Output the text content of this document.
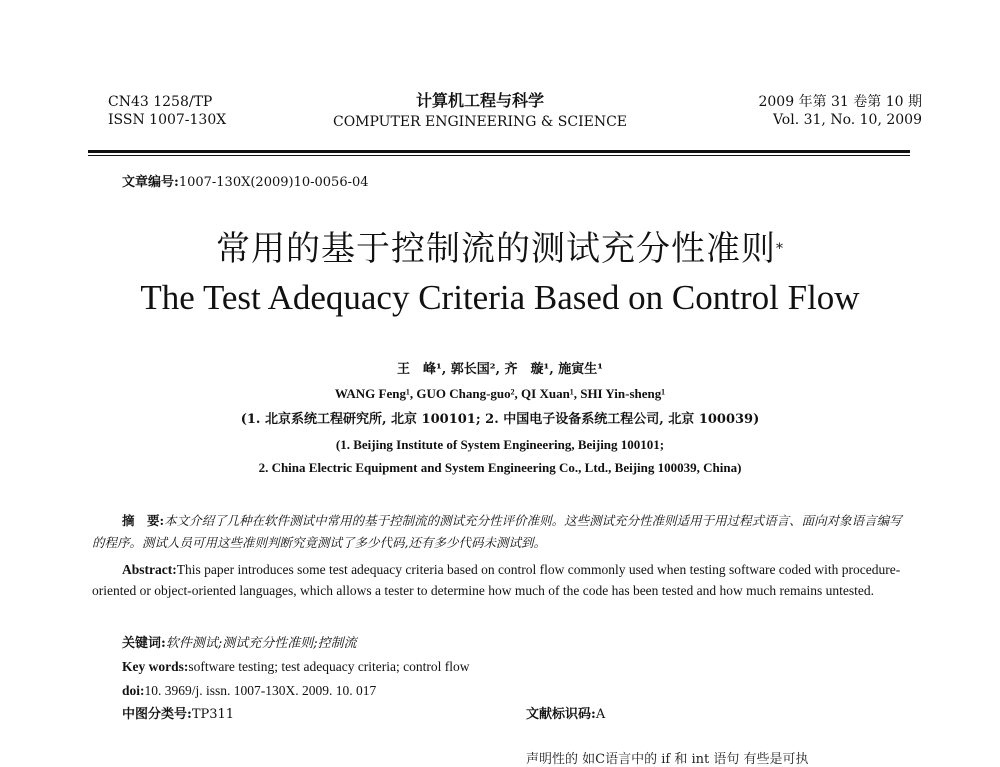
CN43 1258/TP
ISSN 1007-130X
计算机工程与科学
COMPUTER ENGINEERING & SCIENCE
2009 年第 31 卷第 10 期
Vol. 31, No. 10, 2009
文章编号:1007-130X(2009)10-0056-04
常用的基于控制流的测试充分性准则*
The Test Adequacy Criteria Based on Control Flow
王　峰¹, 郭长国², 齐　璇¹, 施寅生¹
WANG Feng¹, GUO Chang-guo², QI Xuan¹, SHI Yin-sheng¹
(1. 北京系统工程研究所, 北京 100101; 2. 中国电子设备系统工程公司, 北京 100039)
(1. Beijing Institute of System Engineering, Beijing 100101;
2. China Electric Equipment and System Engineering Co., Ltd., Beijing 100039, China)
摘　要:本文介绍了几种在软件测试中常用的基于控制流的测试充分性评价准则。这些测试充分性准则适用于用过程式语言、面向对象语言编写的程序。测试人员可用这些准则判断究竟测试了多少代码,还有多少代码未测试到。
Abstract:This paper introduces some test adequacy criteria based on control flow commonly used when testing software coded with procedure-oriented or object-oriented languages, which allows a tester to determine how much of the code has been tested and how much remains untested.
关键词:软件测试;测试充分性准则;控制流
Key words:software testing; test adequacy criteria; control flow
doi:10. 3969/j. issn. 1007-130X. 2009. 10. 017
中图分类号:TP311	文献标识码:A
声明性的 如C语言中的 if 和 int 语句 有些是可执
